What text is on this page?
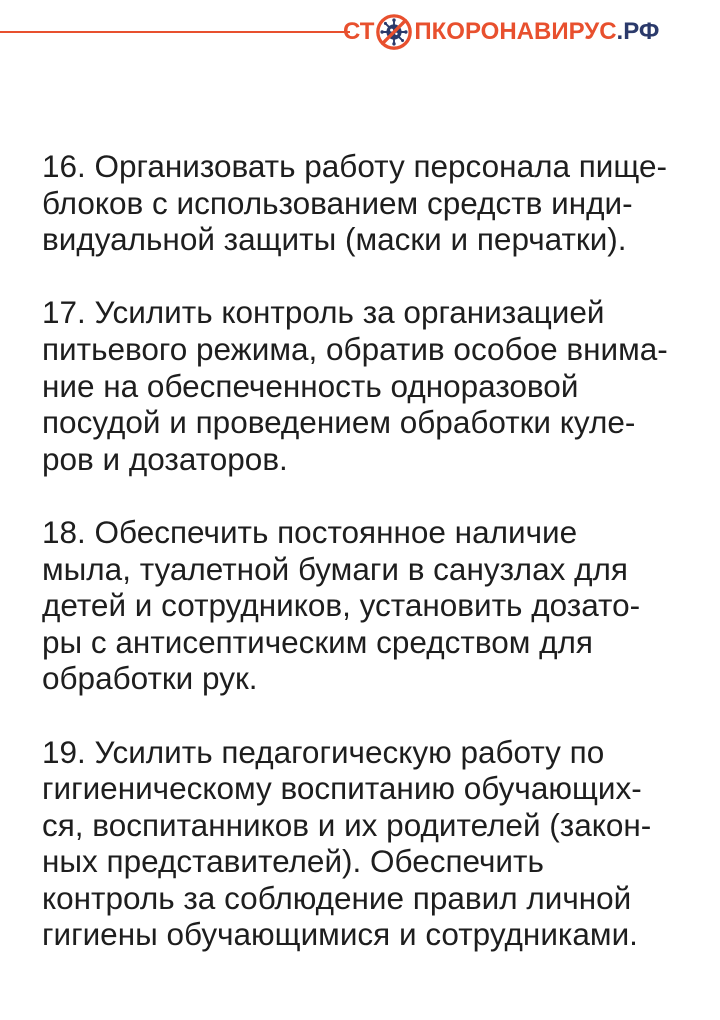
СТ ПКОРОНАВИРУС .РФ

16. Организовать работу персонала пище-
блоков с использованием средств инди-
видуальной защиты (маски и перчатки).

17. Усилить контроль за организацией
питьевого режима, обратив особое внима-
ние на обеспеченность одноразовой
посудой и проведением обработки куле-
ров и дозаторов.

18. Обеспечить постоянное наличие
мыла, туалетной бумаги в санузлах для
детей и сотрудников, установить дозато-
ры с антисептическим средством для
обработки рук.

19. Усилить педагогическую работу по
гигиеническому воспитанию обучающих-
ся, воспитанников и их родителей (закон-
ных представителей). Обеспечить
контроль за соблюдение правил личной
гигиены обучающимися и сотрудниками.
